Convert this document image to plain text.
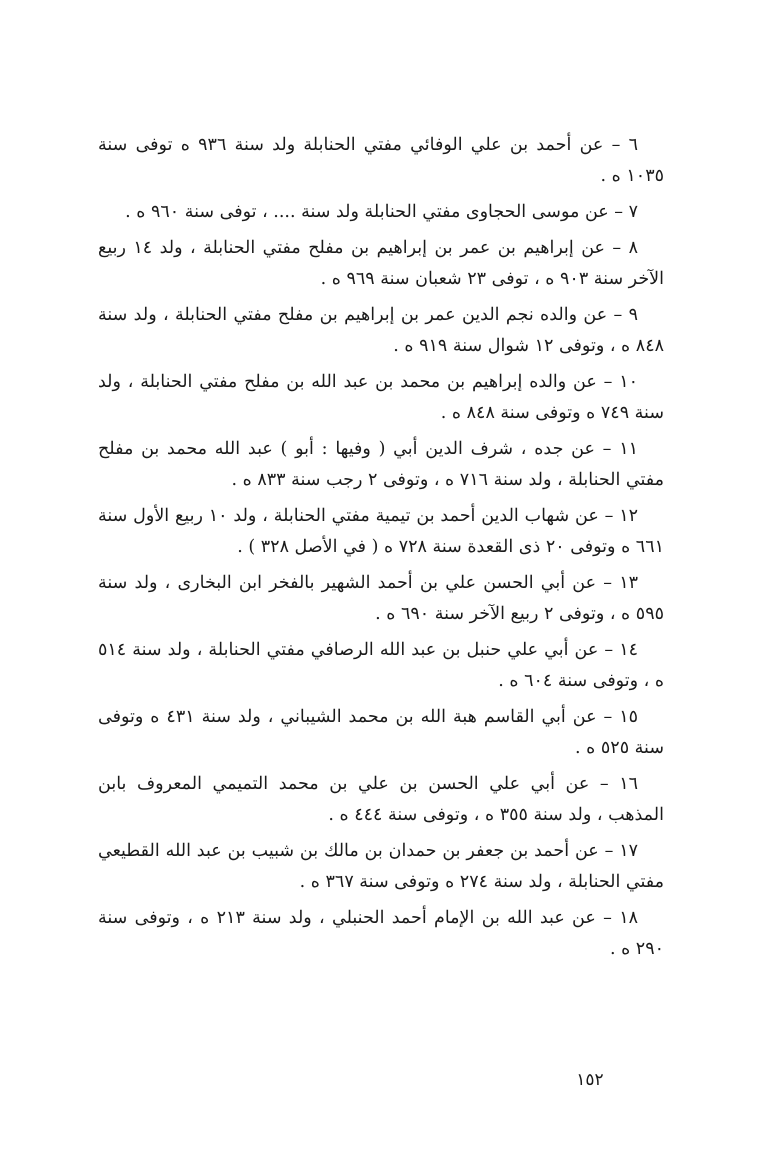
٦ – عن أحمد بن علي الوفائي مفتي الحنابلة ولد سنة ٩٣٦ ه توفى سنة ١٠٣٥ ه .

٧ – عن موسى الحجاوى مفتي الحنابلة ولد سنة .... ، توفى سنة ٩٦٠ ه .

٨ – عن إبراهيم بن عمر بن إبراهيم بن مفلح مفتي الحنابلة ، ولد ١٤ ربيع الآخر سنة ٩٠٣ ه ، توفى ٢٣ شعبان سنة ٩٦٩ ه .

٩ – عن والده نجم الدين عمر بن إبراهيم بن مفلح مفتي الحنابلة ، ولد سنة ٨٤٨ ه ، وتوفى ١٢ شوال سنة ٩١٩ ه .

١٠ – عن والده إبراهيم بن محمد بن عبد الله بن مفلح مفتي الحنابلة ، ولد سنة ٧٤٩ ه وتوفى سنة ٨٤٨ ه .

١١ – عن جده ، شرف الدين أبي ( وفيها : أبو ) عبد الله محمد بن مفلح مفتي الحنابلة ، ولد سنة ٧١٦ ه ، وتوفى ٢ رجب سنة ٨٣٣ ه .

١٢ – عن شهاب الدين أحمد بن تيمية مفتي الحنابلة ، ولد ١٠ ربيع الأول سنة ٦٦١ ه وتوفى ٢٠ ذى القعدة سنة ٧٢٨ ه ( في الأصل ٣٢٨ ) .

١٣ – عن أبي الحسن علي بن أحمد الشهير بالفخر ابن البخارى ، ولد سنة ٥٩٥ ه ، وتوفى ٢ ربيع الآخر سنة ٦٩٠ ه .

١٤ – عن أبي علي حنبل بن عبد الله الرصافي مفتي الحنابلة ، ولد سنة ٥١٤ ه ، وتوفى سنة ٦٠٤ ه .

١٥ – عن أبي القاسم هبة الله بن محمد الشيباني ، ولد سنة ٤٣١ ه وتوفى سنة ٥٢٥ ه .

١٦ – عن أبي علي الحسن بن علي بن محمد التميمي المعروف بابن المذهب ، ولد سنة ٣٥٥ ه ، وتوفى سنة ٤٤٤ ه .

١٧ – عن أحمد بن جعفر بن حمدان بن مالك بن شبيب بن عبد الله القطيعي مفتي الحنابلة ، ولد سنة ٢٧٤ ه وتوفى سنة ٣٦٧ ه .

١٨ – عن عبد الله بن الإمام أحمد الحنبلي ، ولد سنة ٢١٣ ه ، وتوفى سنة ٢٩٠ ه .

١٥٢
